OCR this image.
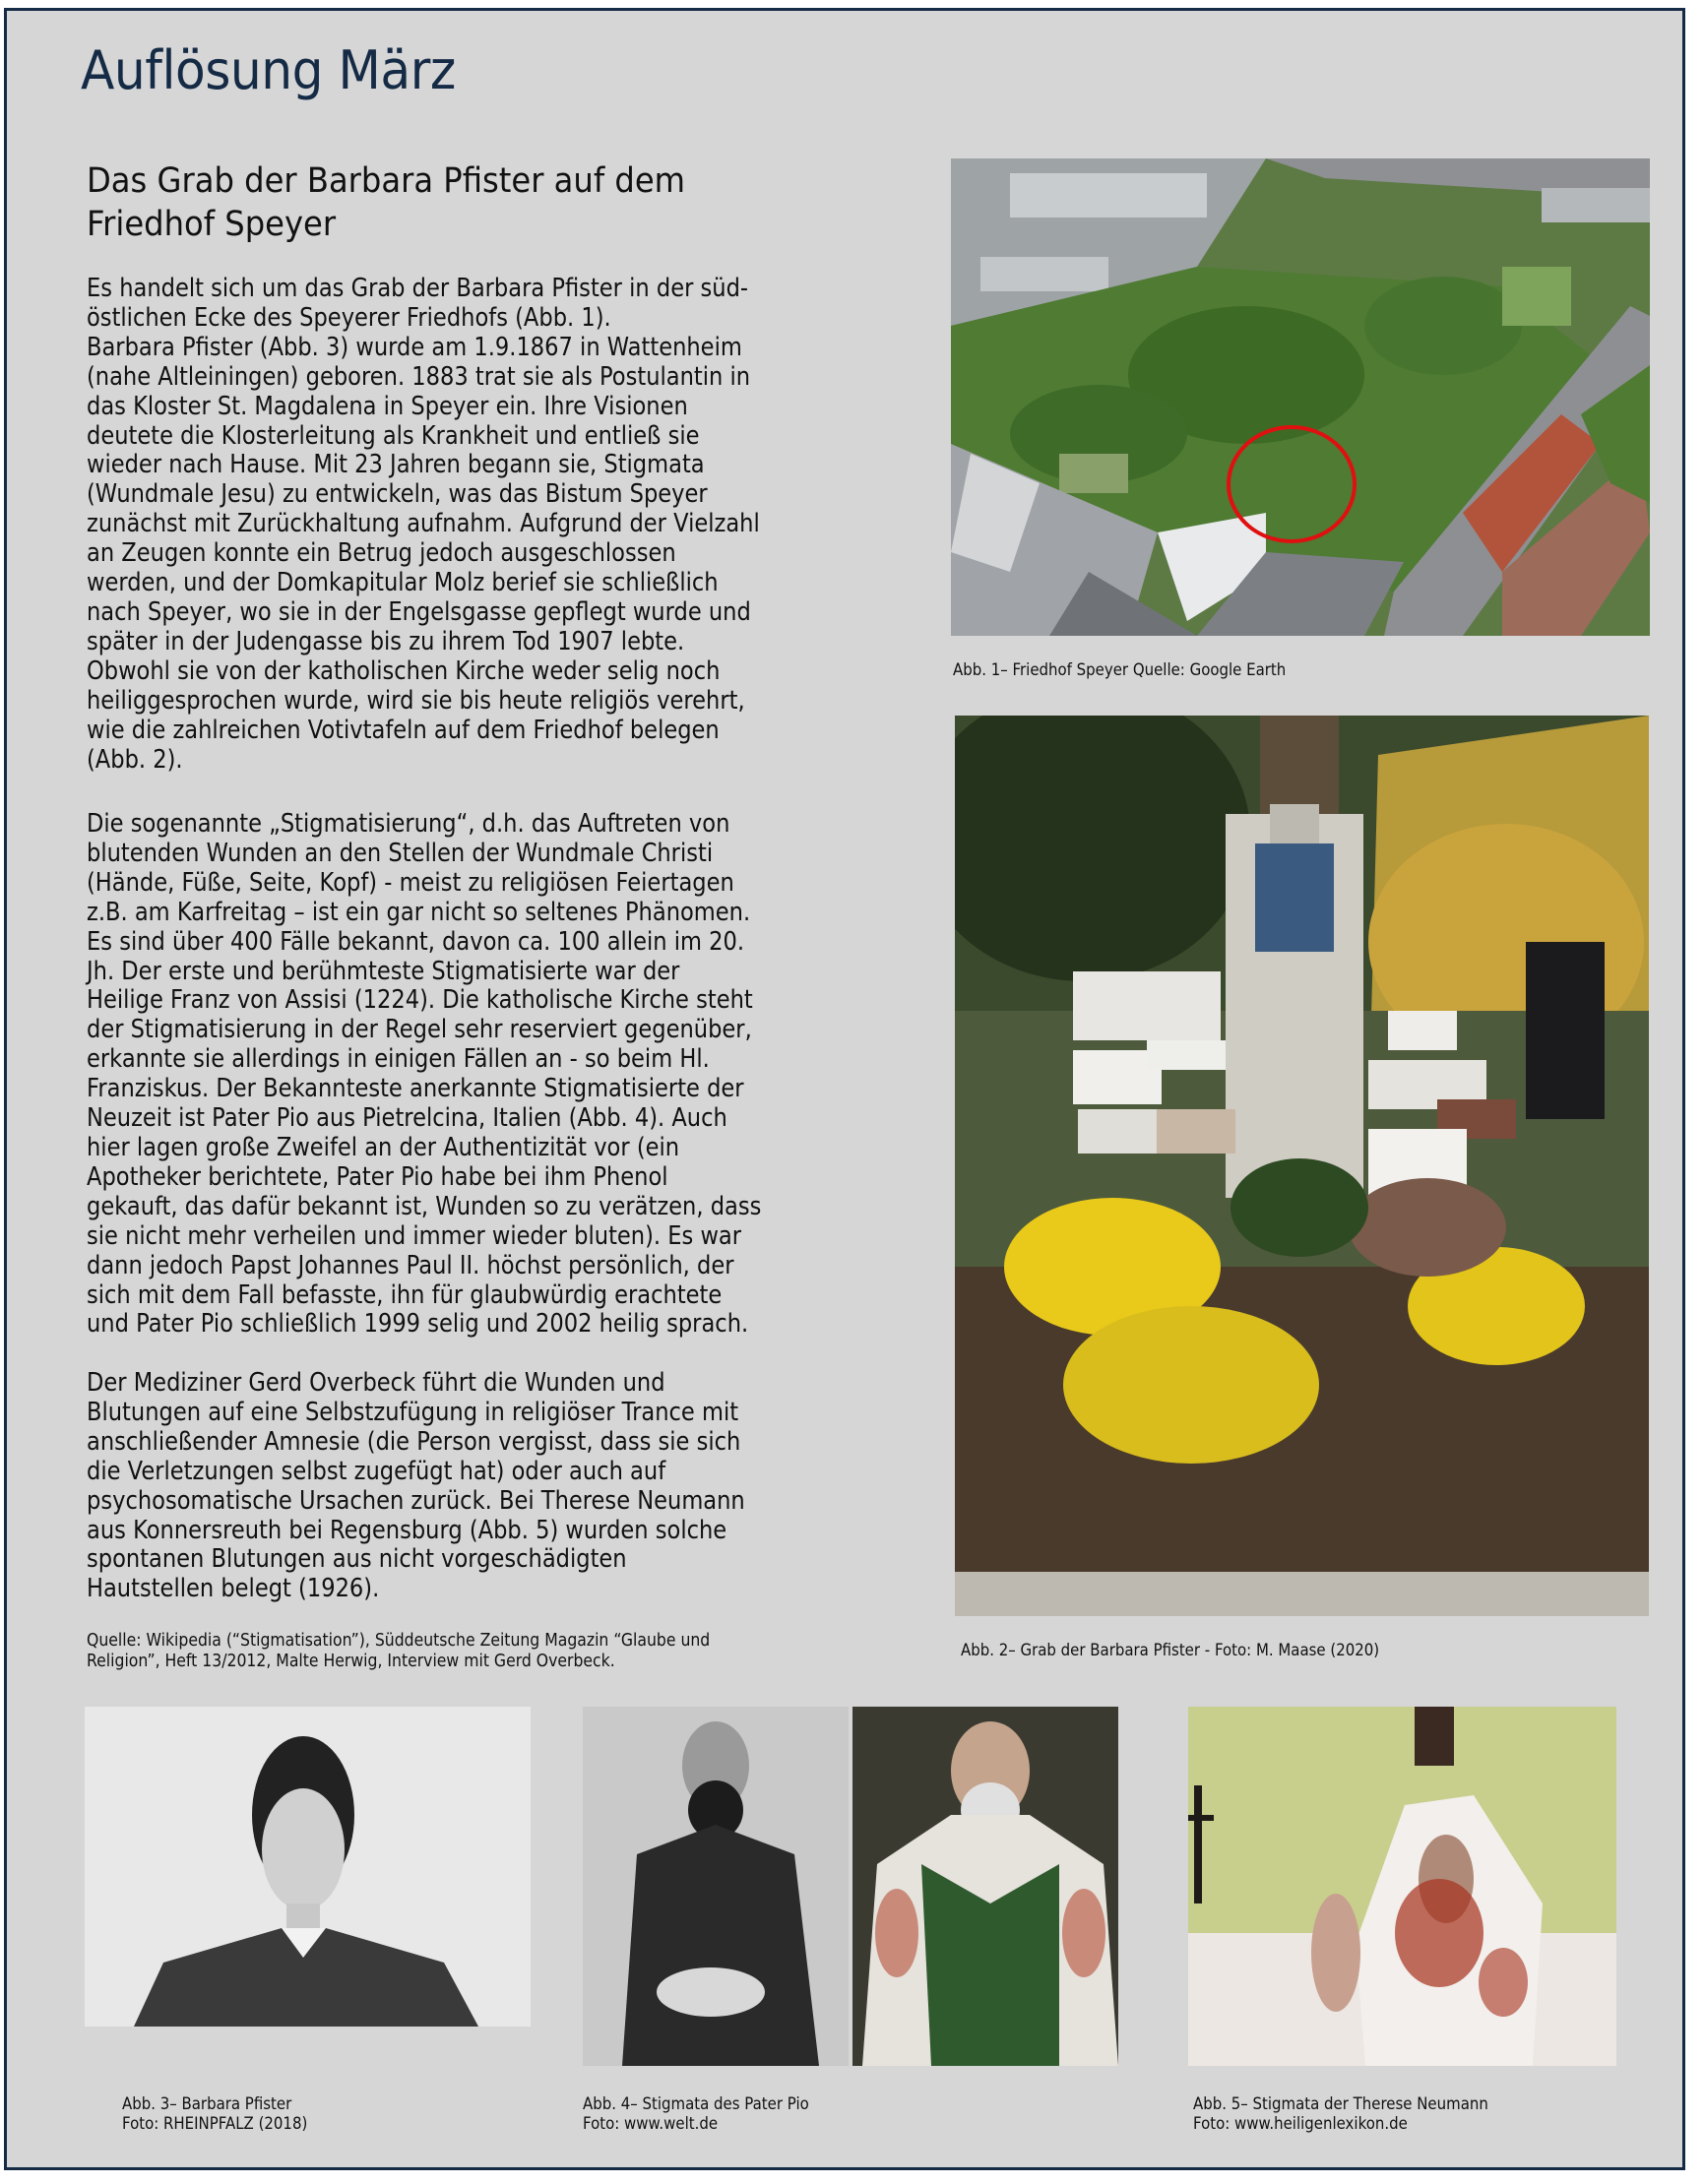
Auflösung März
Das Grab der Barbara Pfister auf dem Friedhof Speyer

Es handelt sich um das Grab der Barbara Pfister in der süd-
östlichen Ecke des Speyerer Friedhofs (Abb. 1).
Barbara Pfister (Abb. 3) wurde am 1.9.1867 in Wattenheim
(nahe Altleiningen) geboren. 1883 trat sie als Postulantin in
das Kloster St. Magdalena in Speyer ein. Ihre Visionen
deutete die Klosterleitung als Krankheit und entließ sie
wieder nach Hause. Mit 23 Jahren begann sie, Stigmata
(Wundmale Jesu) zu entwickeln, was das Bistum Speyer
zunächst mit Zurückhaltung aufnahm. Aufgrund der Vielzahl
an Zeugen konnte ein Betrug jedoch ausgeschlossen
werden, und der Domkapitular Molz berief sie schließlich
nach Speyer, wo sie in der Engelsgasse gepflegt wurde und
später in der Judengasse bis zu ihrem Tod 1907 lebte.
Obwohl sie von der katholischen Kirche weder selig noch
heiliggesprochen wurde, wird sie bis heute religiös verehrt,
wie die zahlreichen Votivtafeln auf dem Friedhof belegen
(Abb. 2).

Die sogenannte „Stigmatisierung“, d.h. das Auftreten von
blutenden Wunden an den Stellen der Wundmale Christi
(Hände, Füße, Seite, Kopf) - meist zu religiösen Feiertagen
z.B. am Karfreitag – ist ein gar nicht so seltenes Phänomen.
Es sind über 400 Fälle bekannt, davon ca. 100 allein im 20.
Jh. Der erste und berühmteste Stigmatisierte war der
Heilige Franz von Assisi (1224). Die katholische Kirche steht
der Stigmatisierung in der Regel sehr reserviert gegenüber,
erkannte sie allerdings in einigen Fällen an - so beim Hl.
Franziskus. Der Bekannteste anerkannte Stigmatisierte der
Neuzeit ist Pater Pio aus Pietrelcina, Italien (Abb. 4). Auch
hier lagen große Zweifel an der Authentizität vor (ein
Apotheker berichtete, Pater Pio habe bei ihm Phenol
gekauft, das dafür bekannt ist, Wunden so zu verätzen, dass
sie nicht mehr verheilen und immer wieder bluten). Es war
dann jedoch Papst Johannes Paul II. höchst persönlich, der
sich mit dem Fall befasste, ihn für glaubwürdig erachtete
und Pater Pio schließlich 1999 selig und 2002 heilig sprach.

Der Mediziner Gerd Overbeck führt die Wunden und
Blutungen auf eine Selbstzufügung in religiöser Trance mit
anschließender Amnesie (die Person vergisst, dass sie sich
die Verletzungen selbst zugefügt hat) oder auch auf
psychosomatische Ursachen zurück. Bei Therese Neumann
aus Konnersreuth bei Regensburg (Abb. 5) wurden solche
spontanen Blutungen aus nicht vorgeschädigten
Hautstellen belegt (1926).

Quelle: Wikipedia (“Stigmatisation”), Süddeutsche Zeitung Magazin “Glaube und
Religion”, Heft 13/2012, Malte Herwig, Interview mit Gerd Overbeck.

Abb. 1– Friedhof Speyer Quelle: Google Earth

Abb. 2– Grab der Barbara Pfister - Foto: M. Maase (2020)

Abb. 3– Barbara Pfister
Foto: RHEINPFALZ (2018)

Abb. 4– Stigmata des Pater Pio
Foto: www.welt.de

Abb. 5– Stigmata der Therese Neumann
Foto: www.heiligenlexikon.de
